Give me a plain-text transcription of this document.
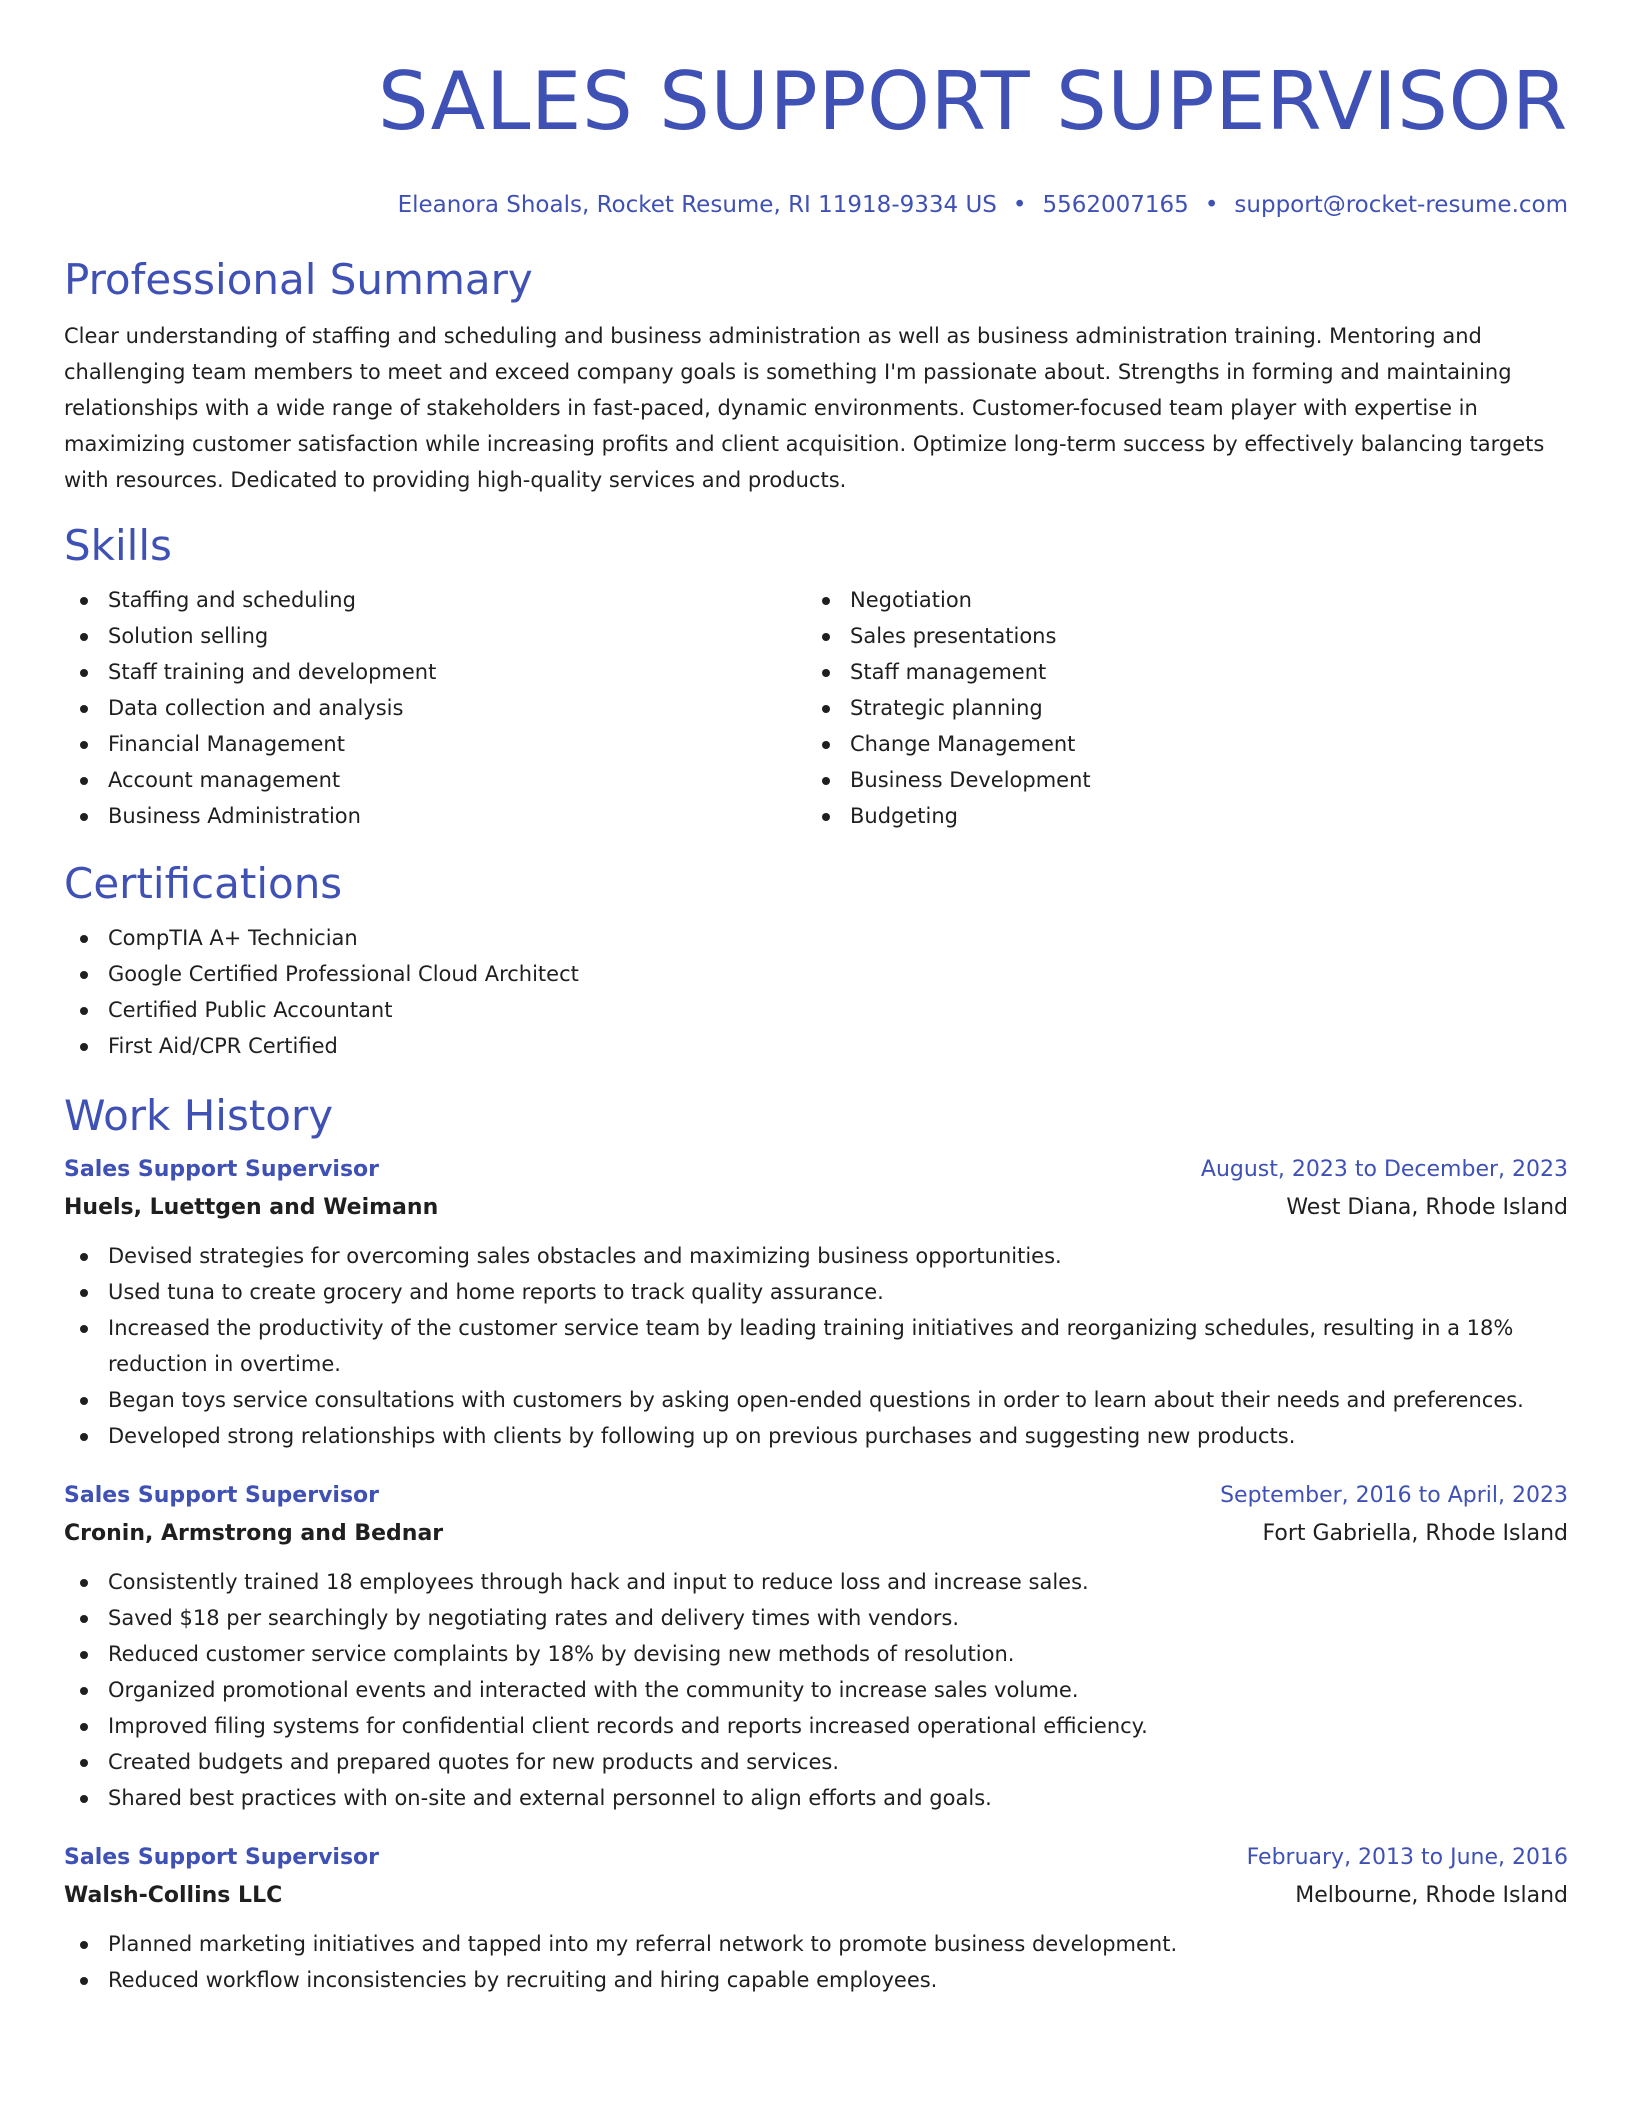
SALES SUPPORT SUPERVISOR
Eleanora Shoals, Rocket Resume, RI 11918-9334 US • 5562007165 • support@rocket-resume.com
Professional Summary

Clear understanding of staffing and scheduling and business administration as well as business administration training. Mentoring and challenging team members to meet and exceed company goals is something I'm passionate about. Strengths in forming and maintaining relationships with a wide range of stakeholders in fast-paced, dynamic environments. Customer-focused team player with expertise in maximizing customer satisfaction while increasing profits and client acquisition. Optimize long-term success by effectively balancing targets with resources. Dedicated to providing high-quality services and products.

Skills
Staffing and scheduling
Solution selling
Staff training and development
Data collection and analysis
Financial Management
Account management
Business Administration
Negotiation
Sales presentations
Staff management
Strategic planning
Change Management
Business Development
Budgeting
Certifications
CompTIA A+ Technician
Google Certified Professional Cloud Architect
Certified Public Accountant
First Aid/CPR Certified
Work History
Sales Support Supervisor	August, 2023 to December, 2023
Huels, Luettgen and Weimann	West Diana, Rhode Island
Devised strategies for overcoming sales obstacles and maximizing business opportunities.
Used tuna to create grocery and home reports to track quality assurance.
Increased the productivity of the customer service team by leading training initiatives and reorganizing schedules, resulting in a 18% reduction in overtime.
Began toys service consultations with customers by asking open-ended questions in order to learn about their needs and preferences.
Developed strong relationships with clients by following up on previous purchases and suggesting new products.
Sales Support Supervisor	September, 2016 to April, 2023
Cronin, Armstrong and Bednar	Fort Gabriella, Rhode Island
Consistently trained 18 employees through hack and input to reduce loss and increase sales.
Saved $18 per searchingly by negotiating rates and delivery times with vendors.
Reduced customer service complaints by 18% by devising new methods of resolution.
Organized promotional events and interacted with the community to increase sales volume.
Improved filing systems for confidential client records and reports increased operational efficiency.
Created budgets and prepared quotes for new products and services.
Shared best practices with on-site and external personnel to align efforts and goals.
Sales Support Supervisor	February, 2013 to June, 2016
Walsh-Collins LLC	Melbourne, Rhode Island
Planned marketing initiatives and tapped into my referral network to promote business development.
Reduced workflow inconsistencies by recruiting and hiring capable employees.
